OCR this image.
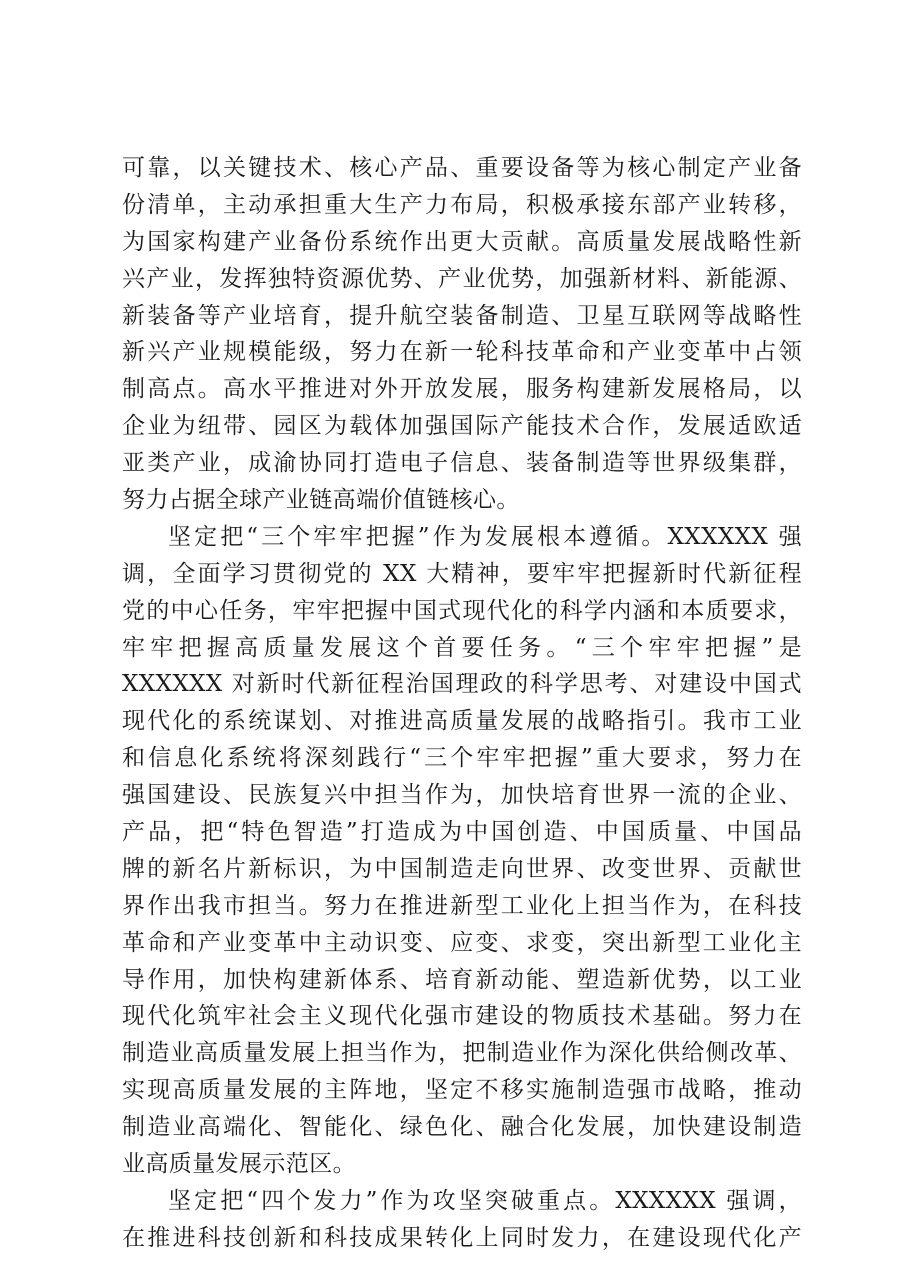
可靠，以关键技术、核心产品、重要设备等为核心制定产业备
份清单，主动承担重大生产力布局，积极承接东部产业转移，
为国家构建产业备份系统作出更大贡献。高质量发展战略性新
兴产业，发挥独特资源优势、产业优势，加强新材料、新能源、
新装备等产业培育，提升航空装备制造、卫星互联网等战略性
新兴产业规模能级，努力在新一轮科技革命和产业变革中占领
制高点。高水平推进对外开放发展，服务构建新发展格局，以
企业为纽带、园区为载体加强国际产能技术合作，发展适欧适
亚类产业，成渝协同打造电子信息、装备制造等世界级集群，
努力占据全球产业链高端价值链核心。
坚定把“三个牢牢把握”作为发展根本遵循。XXXXXX 强
调，全面学习贯彻党的 XX 大精神，要牢牢把握新时代新征程
党的中心任务，牢牢把握中国式现代化的科学内涵和本质要求，
牢牢把握高质量发展这个首要任务。“三个牢牢把握”是
XXXXXX 对新时代新征程治国理政的科学思考、对建设中国式
现代化的系统谋划、对推进高质量发展的战略指引。我市工业
和信息化系统将深刻践行“三个牢牢把握”重大要求，努力在
强国建设、民族复兴中担当作为，加快培育世界一流的企业、
产品，把“特色智造”打造成为中国创造、中国质量、中国品
牌的新名片新标识，为中国制造走向世界、改变世界、贡献世
界作出我市担当。努力在推进新型工业化上担当作为，在科技
革命和产业变革中主动识变、应变、求变，突出新型工业化主
导作用，加快构建新体系、培育新动能、塑造新优势，以工业
现代化筑牢社会主义现代化强市建设的物质技术基础。努力在
制造业高质量发展上担当作为，把制造业作为深化供给侧改革、
实现高质量发展的主阵地，坚定不移实施制造强市战略，推动
制造业高端化、智能化、绿色化、融合化发展，加快建设制造
业高质量发展示范区。
坚定把“四个发力”作为攻坚突破重点。XXXXXX 强调，
在推进科技创新和科技成果转化上同时发力，在建设现代化产
